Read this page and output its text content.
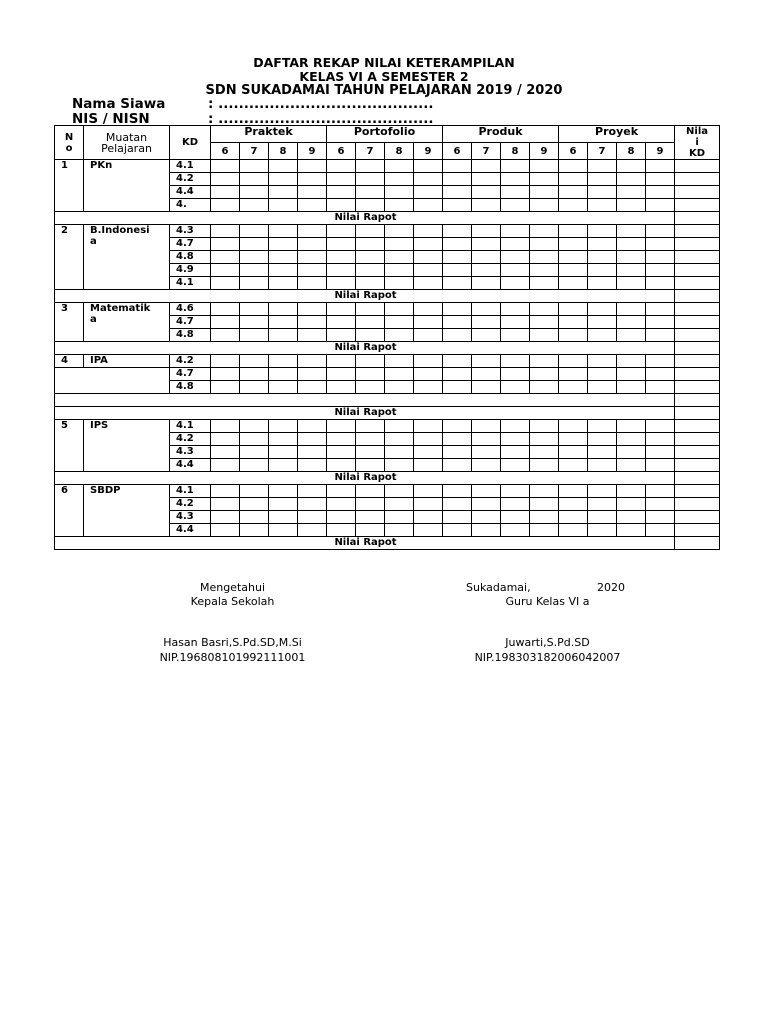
DAFTAR REKAP NILAI KETERAMPILAN
KELAS VI A SEMESTER 2
SDN SUKADAMAI TAHUN PELAJARAN 2019 / 2020
Nama Siawa	: ..........................................
NIS / NISN	: ..........................................
N
o	Muatan
Pelajaran	KD	Praktek				Portofolio				Produk				Proyek				Nila
i
KD
			6	7	8	9	6	7	8	9	6	7	8	9	6	7	8	9	
1	PKn	4.1																	
		4.2																	
		4.4																	
		4.																	
Nilai Rapot																			
2	B.Indonesi
a	4.3																	
		4.7																	
		4.8																	
		4.9																	
		4.1																	
Nilai Rapot																			
3	Matematik
a	4.6																	
		4.7																	
		4.8																	
Nilai Rapot																			
4	IPA	4.2																	
		4.7																	
		4.8																	

Nilai Rapot																			
5	IPS	4.1																	
		4.2																	
		4.3																	
		4.4																	
Nilai Rapot																			
6	SBDP	4.1																	
		4.2																	
		4.3																	
		4.4																	
Nilai Rapot																			
Mengetahui
Kepala Sekolah
Hasan Basri,S.Pd.SD,M.Si
NIP.196808101992111001
Sukadamai,	2020
Guru Kelas VI a
Juwarti,S.Pd.SD
NIP.198303182006042007
